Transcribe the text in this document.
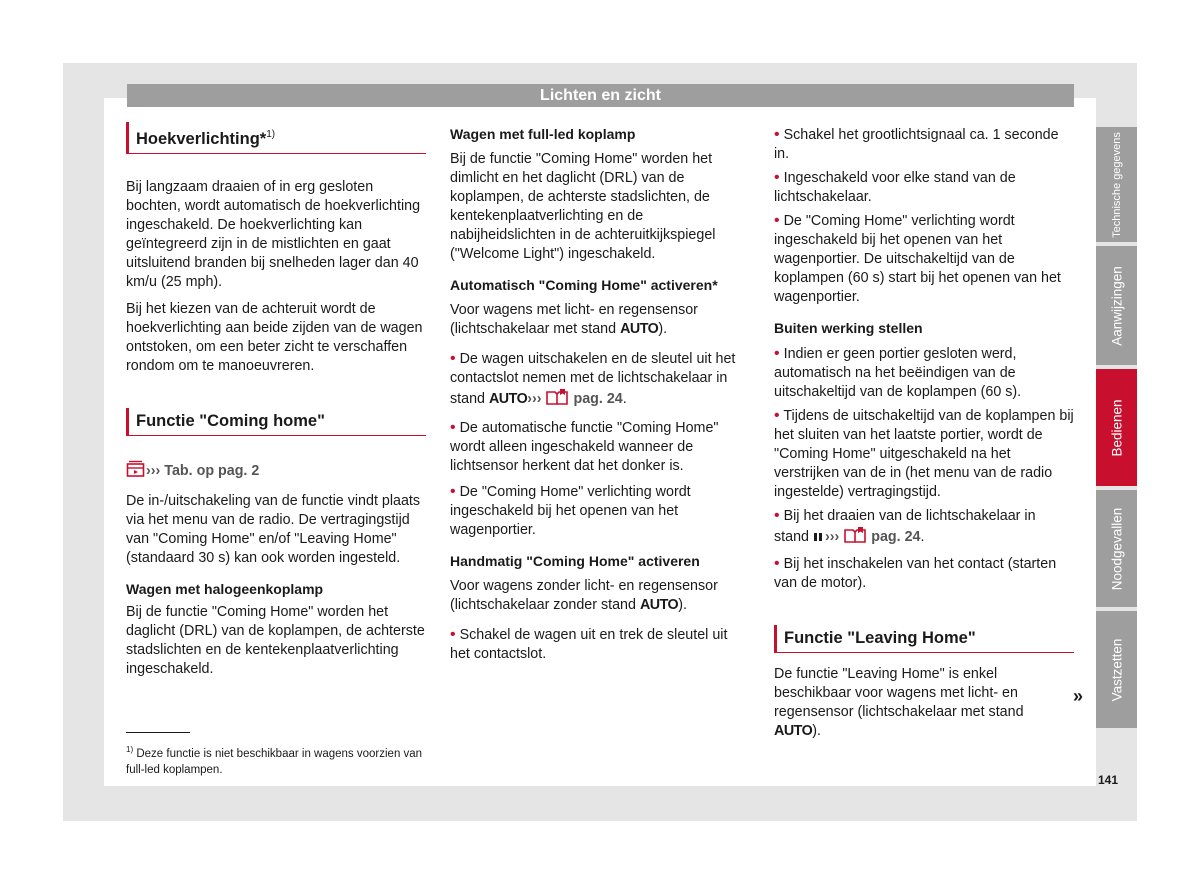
Lichten en zicht
Hoekverlichting*$^{1)}$

Bij langzaam draaien of in erg gesloten bochten, wordt automatisch de hoekverlichting ingeschakeld. De hoekverlichting kan geïntegreerd zijn in de mistlichten en gaat uitsluitend branden bij snelheden lager dan 40 km/u (25 mph).

Bij het kiezen van de achteruit wordt de hoekverlichting aan beide zijden van de wagen ontstoken, om een beter zicht te verschaffen rondom om te manoeuvreren.

Functie "Coming home"

››› Tab. op pag. 2

De in-/uitschakeling van de functie vindt plaats via het menu van de radio. De vertragingstijd van "Coming Home" en/of "Leaving Home" (standaard 30 s) kan ook worden ingesteld.

Wagen met halogeenkoplamp

Bij de functie "Coming Home" worden het daglicht (DRL) van de koplampen, de achterste stadslichten en de kentekenplaatverlichting ingeschakeld.

$^{1)}$ Deze functie is niet beschikbaar in wagens voorzien van full-led koplampen.

Wagen met full-led koplamp

Bij de functie "Coming Home" worden het dimlicht en het daglicht (DRL) van de koplampen, de achterste stadslichten, de kentekenplaatverlichting en de nabijheidslichten in de achteruitkijkspiegel ("Welcome Light") ingeschakeld.

Automatisch "Coming Home" activeren*

Voor wagens met licht- en regensensor (lichtschakelaar met stand AUTO).

• De wagen uitschakelen en de sleutel uit het contactslot nemen met de lichtschakelaar in stand AUTO››› pag. 24.

• De automatische functie "Coming Home" wordt alleen ingeschakeld wanneer de lichtsensor herkent dat het donker is.

• De "Coming Home" verlichting wordt ingeschakeld bij het openen van het wagenportier.

Handmatig "Coming Home" activeren

Voor wagens zonder licht- en regensensor (lichtschakelaar zonder stand AUTO).

• Schakel de wagen uit en trek de sleutel uit het contactslot.

• Schakel het grootlichtsignaal ca. 1 seconde in.

• Ingeschakeld voor elke stand van de lichtschakelaar.

• De "Coming Home" verlichting wordt ingeschakeld bij het openen van het wagenportier. De uitschakeltijd van de koplampen (60 s) start bij het openen van het wagenportier.

Buiten werking stellen

• Indien er geen portier gesloten werd, automatisch na het beëindigen van de uitschakeltijd van de koplampen (60 s).

• Tijdens de uitschakeltijd van de koplampen bij het sluiten van het laatste portier, wordt de "Coming Home" uitgeschakeld na het verstrijken van de in (het menu van de radio ingestelde) vertragingstijd.

• Bij het draaien van de lichtschakelaar in stand ››› pag. 24.

• Bij het inschakelen van het contact (starten van de motor).

Functie "Leaving Home"

De functie "Leaving Home" is enkel beschikbaar voor wagens met licht- en regensensor (lichtschakelaar met stand AUTO).

»
Technische gegevens
Aanwijzingen
Bedienen
Noodgevallen
Vastzetten
141
